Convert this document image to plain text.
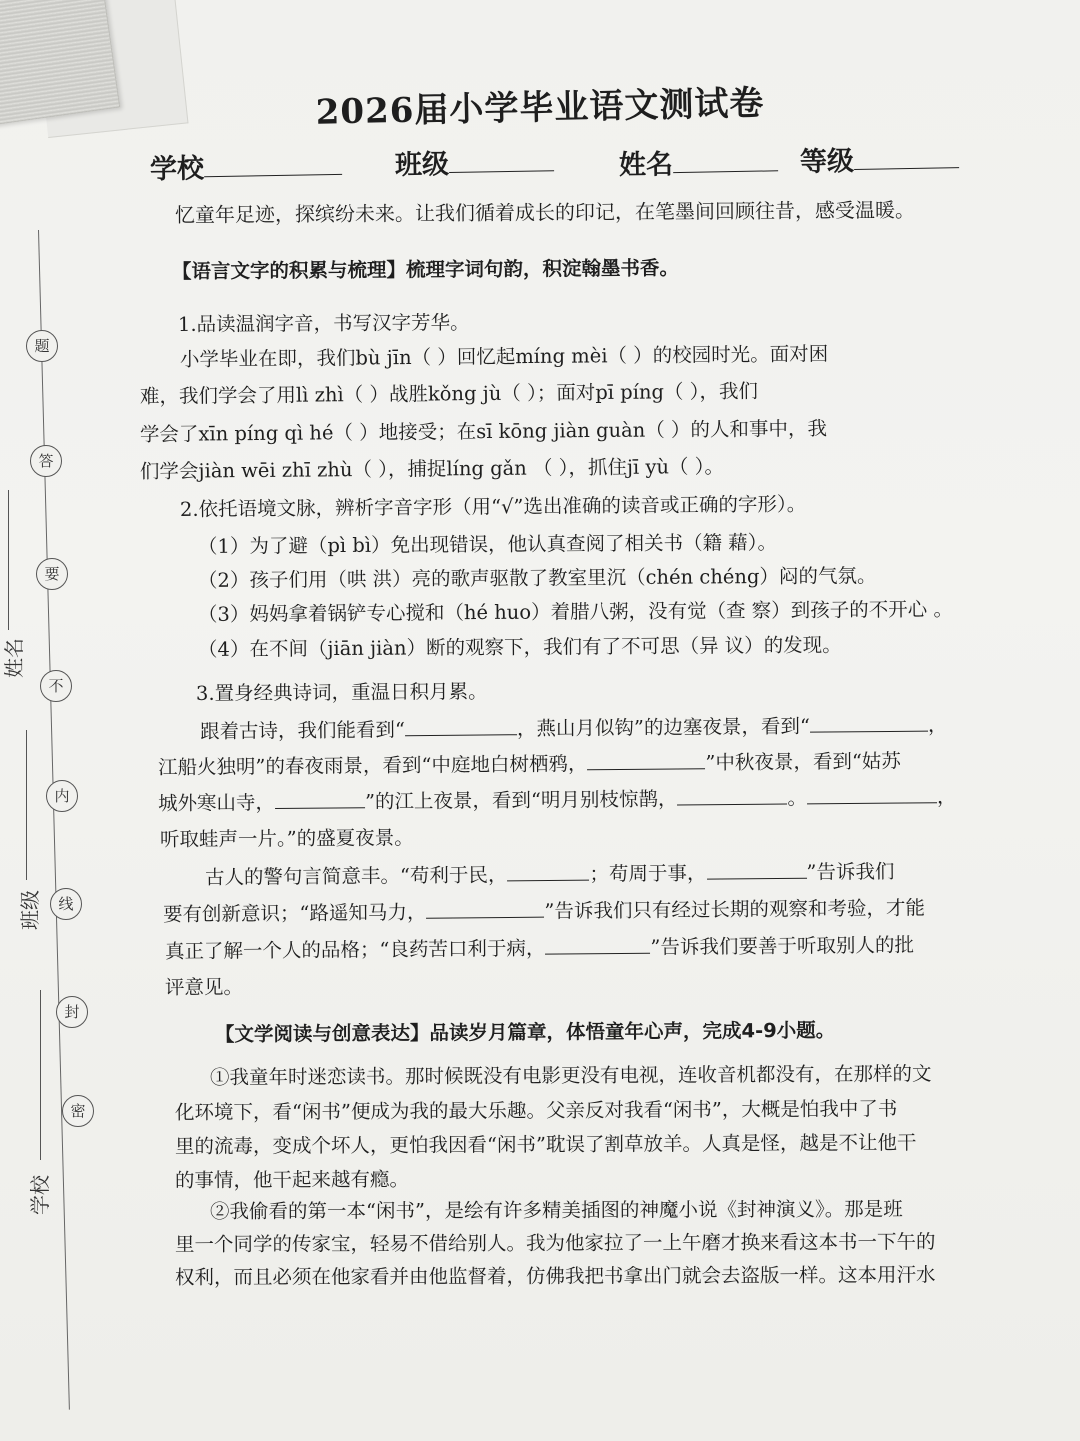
题
答
要
不
内
线
封
密
姓名
班级
学校
2026届小学毕业语文测试卷
学校	班级	姓名	等级
忆童年足迹，探缤纷未来。让我们循着成长的印记，在笔墨间回顾往昔，感受温暖。
【语言文字的积累与梳理】梳理字词句韵，积淀翰墨书香。
1.品读温润字音，书写汉字芳华。
小学毕业在即，我们bù jīn（ ）回忆起míng mèi（ ）的校园时光。面对困
难，我们学会了用lì zhì（ ）战胜kǒng jù（ ）；面对pī píng（ ），我们
学会了xīn píng qì hé（ ）地接受；在sī kōng jiàn guàn（ ）的人和事中，我
们学会jiàn wēi zhī zhù（ ），捕捉líng gǎn （ ），抓住jī yù（ ）。
2.依托语境文脉，辨析字音字形（用“√”选出准确的读音或正确的字形）。
（1）为了避（pì bì）免出现错误，他认真查阅了相关书（籍 藉）。
（2）孩子们用（哄 洪）亮的歌声驱散了教室里沉（chén chéng）闷的气氛。
（3）妈妈拿着锅铲专心搅和（hé huo）着腊八粥，没有觉（查 察）到孩子的不开心 。
（4）在不间（jiān jiàn）断的观察下，我们有了不可思（异 议）的发现。
3.置身经典诗词，重温日积月累。
跟着古诗，我们能看到“	，燕山月似钩”的边塞夜景，看到“	，
江船火独明”的春夜雨景，看到“中庭地白树栖鸦，	”中秋夜景，看到“姑苏
城外寒山寺，	”的江上夜景，看到“明月别枝惊鹊，	。	，
听取蛙声一片。”的盛夏夜景。
古人的警句言简意丰。“苟利于民，	；苟周于事，	”告诉我们
要有创新意识；“路遥知马力，	”告诉我们只有经过长期的观察和考验，才能
真正了解一个人的品格；“良药苦口利于病，	”告诉我们要善于听取别人的批
评意见。
【文学阅读与创意表达】品读岁月篇章，体悟童年心声，完成4-9小题。
①我童年时迷恋读书。那时候既没有电影更没有电视，连收音机都没有，在那样的文
化环境下，看“闲书”便成为我的最大乐趣。父亲反对我看“闲书”，大概是怕我中了书
里的流毒，变成个坏人，更怕我因看“闲书”耽误了割草放羊。人真是怪，越是不让他干
的事情，他干起来越有瘾。
②我偷看的第一本“闲书”，是绘有许多精美插图的神魔小说《封神演义》。那是班
里一个同学的传家宝，轻易不借给别人。我为他家拉了一上午磨才换来看这本书一下午的
权利，而且必须在他家看并由他监督着，仿佛我把书拿出门就会去盗版一样。这本用汗水
